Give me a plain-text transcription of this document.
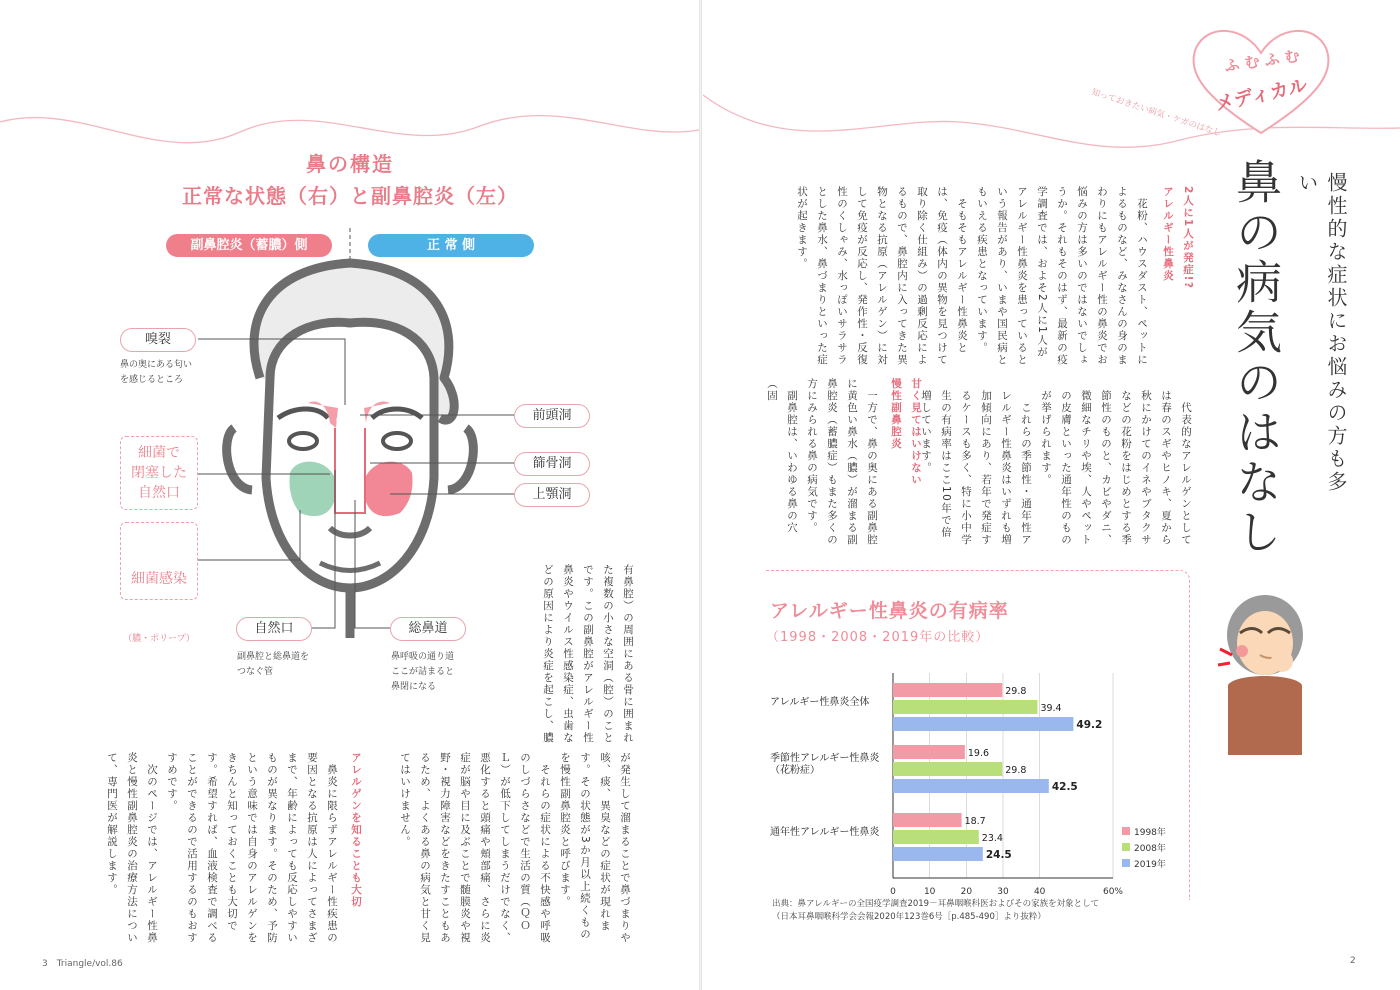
鼻の構造
正常な状態（右）と副鼻腔炎（左）
副鼻腔炎（蓄膿）側	正 常 側
嗅裂
鼻の奥にある匂い
を感じるところ
細菌で
閉塞した
自然口

細菌感染

（膿・ポリープ）

前頭洞
篩骨洞
上顎洞
自然口
副鼻腔と総鼻道を
つなぐ管
総鼻道
鼻呼吸の通り道
ここが詰まると
鼻閉になる	有鼻腔）の周囲にある骨に囲まれた複数の小さな空洞（腔）のことです。この副鼻腔がアレルギー性鼻炎やウイルス性感染症、虫歯などの原因により炎症を起こし、膿
が発生して溜まることで鼻づまりや咳、痰、異臭などの症状が現れます。その状態が3か月以上続くものを慢性副鼻腔炎と呼びます。
　それらの症状による不快感や呼吸のしづらさなどで生活の質（ＱＯＬ）が低下してしまうだけでなく、悪化すると頭痛や頬部痛、さらに炎症が脳や目に及ぶことで髄膜炎や視野・視力障害などをきたすこともあるため、よくある鼻の病気と甘く見てはいけません。
アレルゲンを知ることも大切
　鼻炎に限らずアレルギー性疾患の要因となる抗原は人によってさまざまで、年齢によっても反応しやすいものが異なります。そのため、予防という意味では自身のアレルゲンをきちんと知っておくことも大切です。希望すれば、血液検査で調べることができるので活用するのもおすすめです。
　次のページでは、アレルギー性鼻炎と慢性副鼻腔炎の治療方法について、専門医が解説します。
3　Triangle/vol.86
ふ む ふ む
メディカル
知っておきたい病気・ケガのはなし
慢性的な症状にお悩みの方も多い
鼻の病気のはなし
2人に1人が発症!?
アレルギー性鼻炎
　花粉、ハウスダスト、ペットによるものなど、みなさんの身のまわりにもアレルギー性の鼻炎でお悩みの方は多いのではないでしょうか。それもそのはず、最新の疫学調査では、およそ2人に1人がアレルギー性鼻炎を患っているという報告があり、いまや国民病ともいえる疾患となっています。
　そもそもアレルギー性鼻炎とは、免疫（体内の異物を見つけて取り除く仕組み）の過剰反応によるもので、鼻腔内に入ってきた異物となる抗原（アレルゲン）に対して免疫が反応し、発作性・反復性のくしゃみ、水っぽいサラサラとした鼻水、鼻づまりといった症状が起きます。
　代表的なアレルゲンとしては春のスギやヒノキ、夏から秋にかけてのイネやブタクサなどの花粉をはじめとする季節性のものと、カビやダニ、微細なチリや埃、人やペットの皮膚といった通年性のものが挙げられます。
　これらの季節性・通年性アレルギー性鼻炎はいずれも増加傾向にあり、若年で発症するケースも多く、特に小中学生の有病率はここ10年で倍増しています。
甘く見てはいけない
慢性副鼻腔炎
　一方で、鼻の奥にある副鼻腔に黄色い鼻水（膿）が溜まる副鼻腔炎（蓄膿症）もまた多くの方にみられる鼻の病気です。
　副鼻腔は、いわゆる鼻の穴（固
アレルギー性鼻炎の有病率
（1998・2008・2019年の比較）
0	10	20	30	40	60%
アレルギー性鼻炎全体
29.8
39.4
49.2
季節性アレルギー性鼻炎
（花粉症）
19.6
29.8
42.5
通年性アレルギー性鼻炎
18.7
23.4
24.5
1998年
2008年
2019年
出典：鼻アレルギーの全国疫学調査2019－耳鼻咽喉科医およびその家族を対象として
（日本耳鼻咽喉科学会会報2020年123巻6号［p.485-490］より抜粋）
2
